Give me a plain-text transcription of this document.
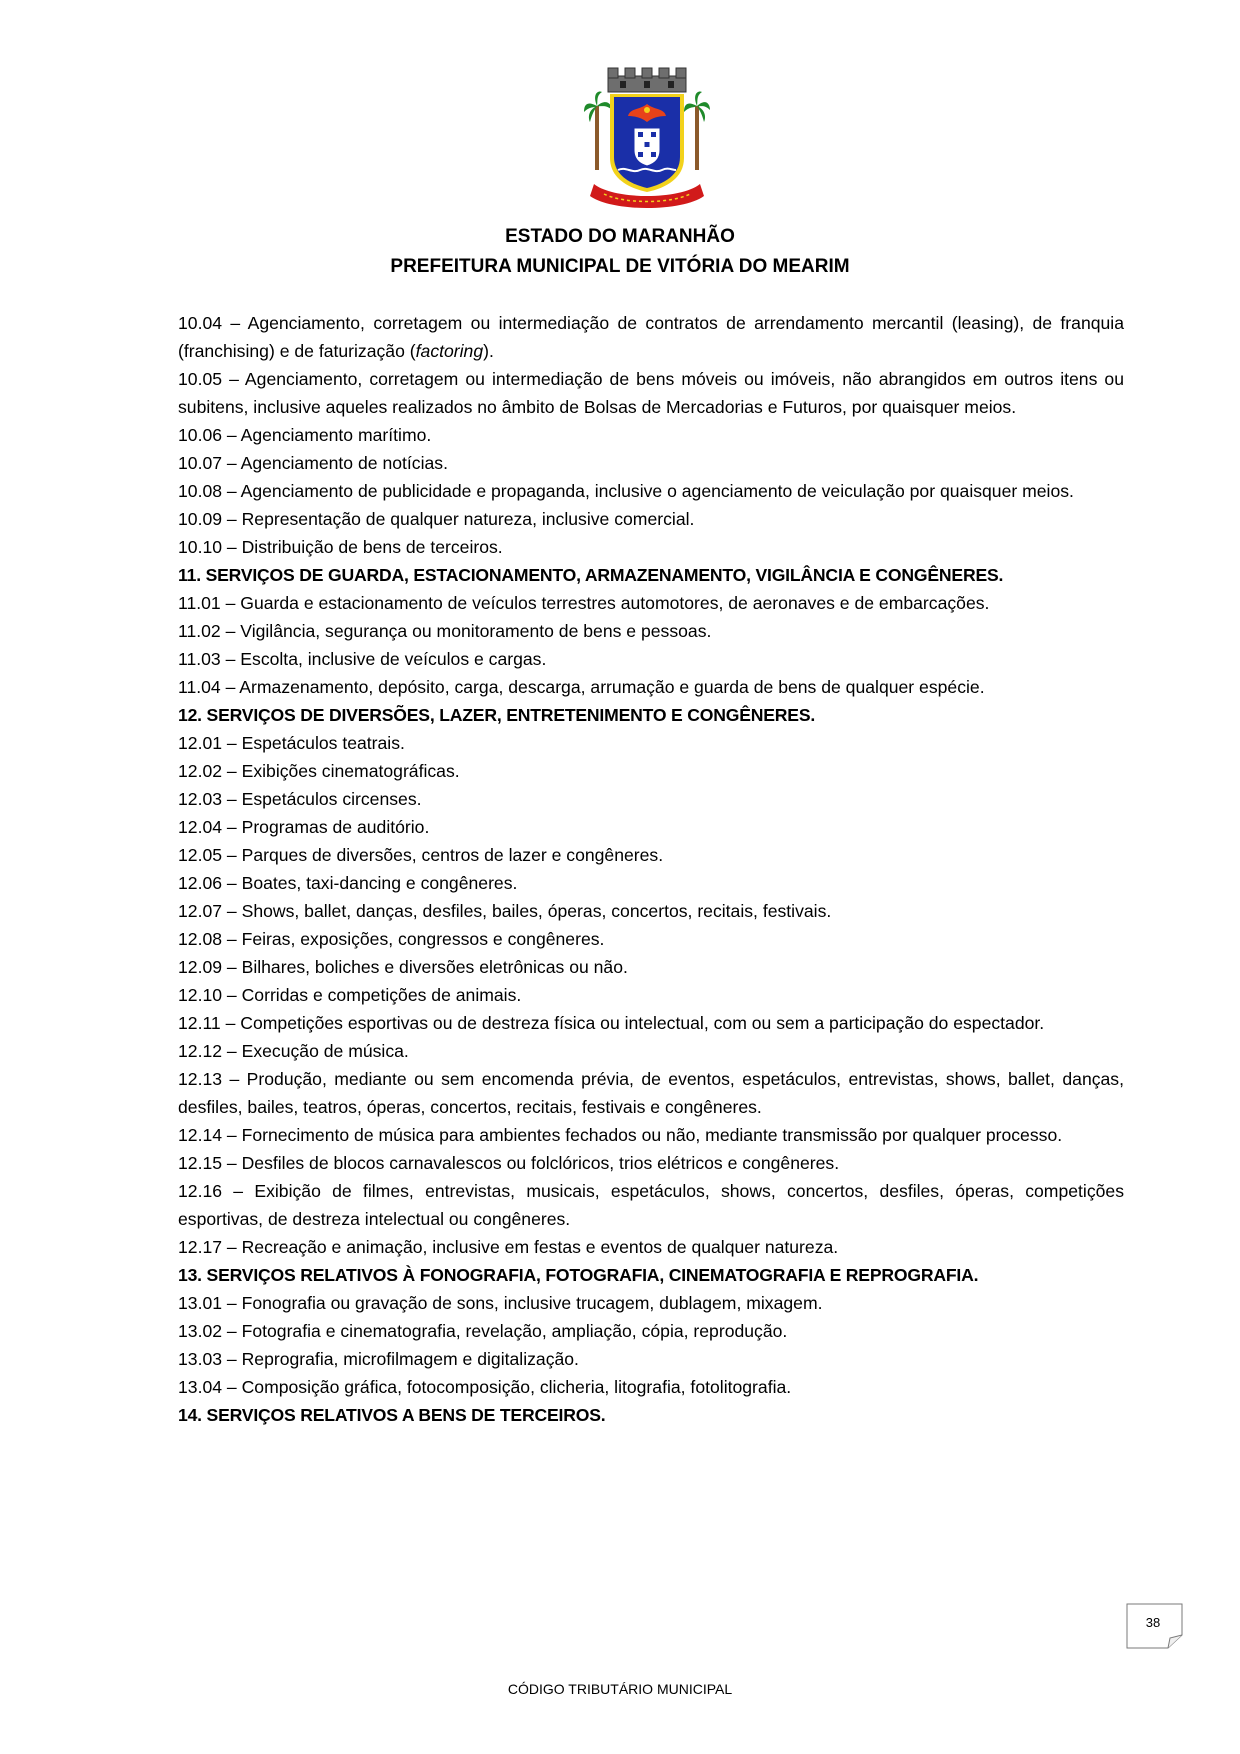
ESTADO DO MARANHÃO
PREFEITURA MUNICIPAL DE VITÓRIA DO MEARIM

10.04 – Agenciamento, corretagem ou intermediação de contratos de arrendamento mercantil (leasing), de franquia (franchising) e de faturização (factoring).

10.05 – Agenciamento, corretagem ou intermediação de bens móveis ou imóveis, não abrangidos em outros itens ou subitens, inclusive aqueles realizados no âmbito de Bolsas de Mercadorias e Futuros, por quaisquer meios.

10.06 – Agenciamento marítimo.

10.07 – Agenciamento de notícias.

10.08 – Agenciamento de publicidade e propaganda, inclusive o agenciamento de veiculação por quaisquer meios.

10.09 – Representação de qualquer natureza, inclusive comercial.

10.10 – Distribuição de bens de terceiros.

11. SERVIÇOS DE GUARDA, ESTACIONAMENTO, ARMAZENAMENTO, VIGILÂNCIA E CONGÊNERES.

11.01 – Guarda e estacionamento de veículos terrestres automotores, de aeronaves e de embarcações.

11.02 – Vigilância, segurança ou monitoramento de bens e pessoas.

11.03 – Escolta, inclusive de veículos e cargas.

11.04 – Armazenamento, depósito, carga, descarga, arrumação e guarda de bens de qualquer espécie.

12. SERVIÇOS DE DIVERSÕES, LAZER, ENTRETENIMENTO E CONGÊNERES.

12.01 – Espetáculos teatrais.

12.02 – Exibições cinematográficas.

12.03 – Espetáculos circenses.

12.04 – Programas de auditório.

12.05 – Parques de diversões, centros de lazer e congêneres.

12.06 – Boates, taxi-dancing e congêneres.

12.07 – Shows, ballet, danças, desfiles, bailes, óperas, concertos, recitais, festivais.

12.08 – Feiras, exposições, congressos e congêneres.

12.09 – Bilhares, boliches e diversões eletrônicas ou não.

12.10 – Corridas e competições de animais.

12.11 – Competições esportivas ou de destreza física ou intelectual, com ou sem a participação do espectador.

12.12 – Execução de música.

12.13 – Produção, mediante ou sem encomenda prévia, de eventos, espetáculos, entrevistas, shows, ballet, danças, desfiles, bailes, teatros, óperas, concertos, recitais, festivais e congêneres.

12.14 – Fornecimento de música para ambientes fechados ou não, mediante transmissão por qualquer processo.

12.15 – Desfiles de blocos carnavalescos ou folclóricos, trios elétricos e congêneres.

12.16 – Exibição de filmes, entrevistas, musicais, espetáculos, shows, concertos, desfiles, óperas, competições esportivas, de destreza intelectual ou congêneres.

12.17 – Recreação e animação, inclusive em festas e eventos de qualquer natureza.

13. SERVIÇOS RELATIVOS À FONOGRAFIA, FOTOGRAFIA, CINEMATOGRAFIA E REPROGRAFIA.

13.01 – Fonografia ou gravação de sons, inclusive trucagem, dublagem, mixagem.

13.02 – Fotografia e cinematografia, revelação, ampliação, cópia, reprodução.

13.03 – Reprografia, microfilmagem e digitalização.

13.04 – Composição gráfica, fotocomposição, clicheria, litografia, fotolitografia.

14. SERVIÇOS RELATIVOS A BENS DE TERCEIROS.

38
CÓDIGO TRIBUTÁRIO MUNICIPAL
